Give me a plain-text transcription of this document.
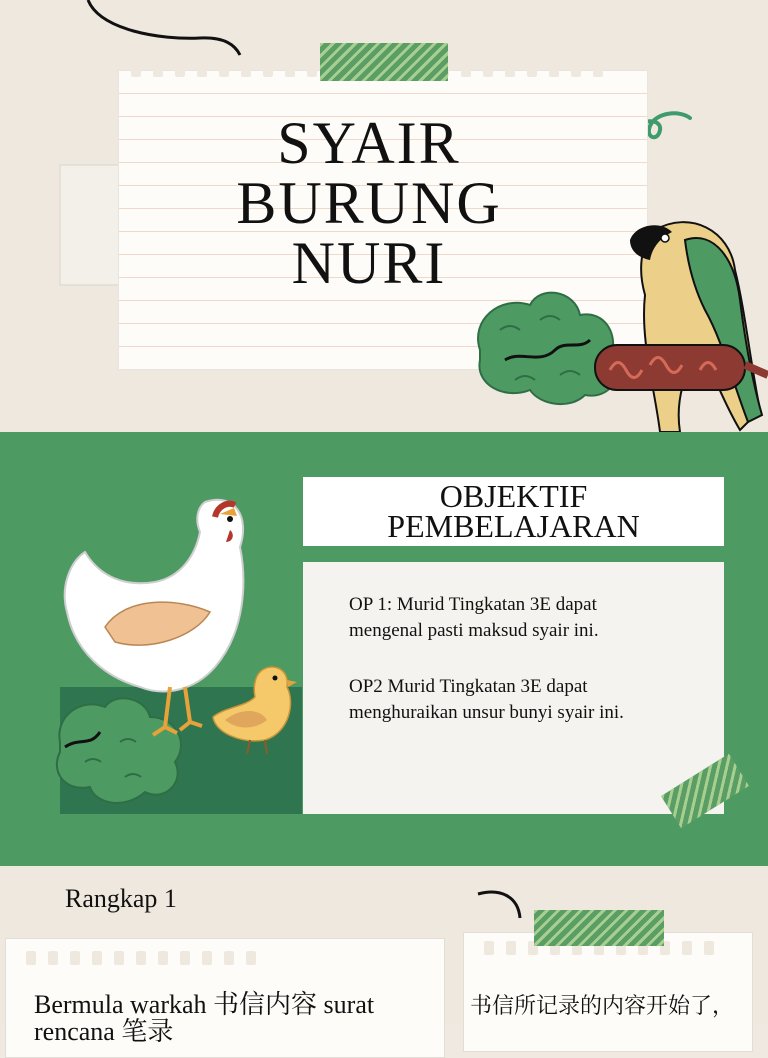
SYAIR
BURUNG
NURI
OBJEKTIF
PEMBELAJARAN
OP 1: Murid Tingkatan 3E dapat
mengenal pasti maksud syair ini.
OP2 Murid Tingkatan 3E dapat
menghuraikan unsur bunyi syair ini.
Rangkap 1
Bermula warkah 书信内容 surat
rencana 笔录
书信所记录的内容开始了，
